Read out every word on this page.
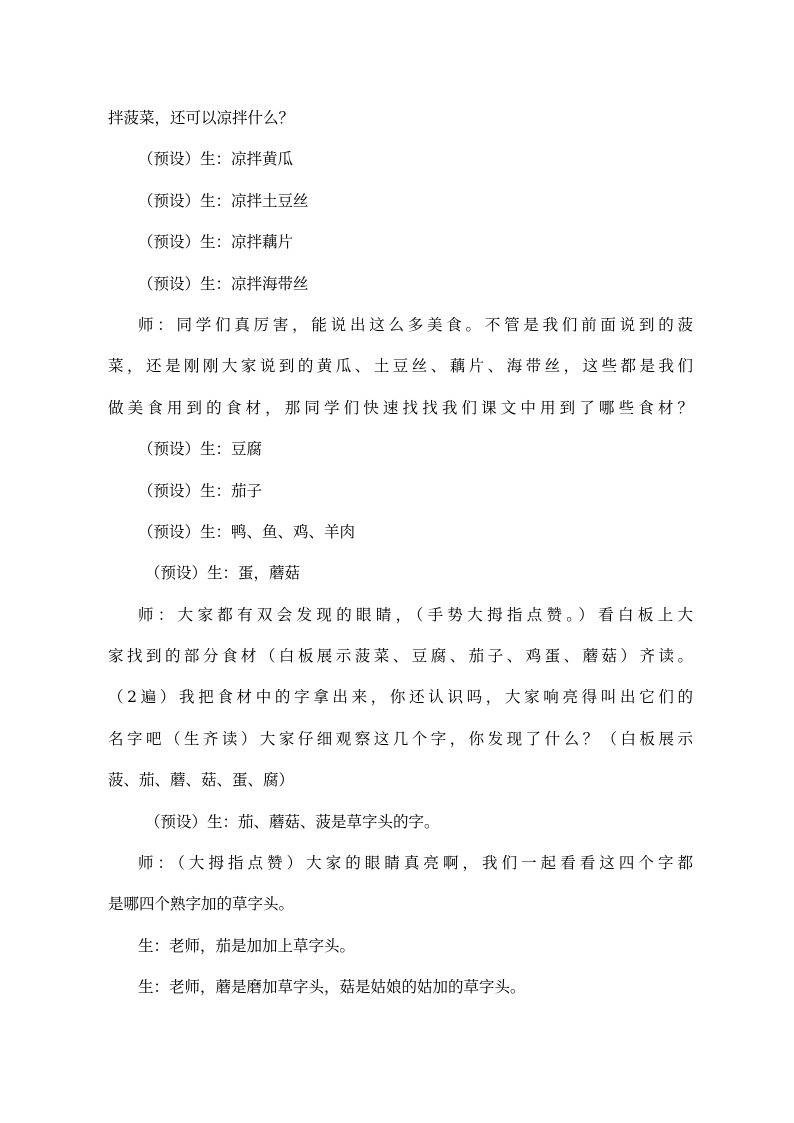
拌菠菜，还可以凉拌什么？
（预设）生：凉拌黄瓜
（预设）生：凉拌土豆丝
（预设）生：凉拌藕片
（预设）生：凉拌海带丝
师：同学们真厉害，能说出这么多美食。不管是我们前面说到的菠
菜，还是刚刚大家说到的黄瓜、土豆丝、藕片、海带丝，这些都是我们
做美食用到的食材，那同学们快速找找我们课文中用到了哪些食材？
（预设）生：豆腐
（预设）生：茄子
（预设）生：鸭、鱼、鸡、羊肉
（预设）生：蛋，蘑菇
师：大家都有双会发现的眼睛，（手势大拇指点赞。）看白板上大
家找到的部分食材（白板展示菠菜、豆腐、茄子、鸡蛋、蘑菇）齐读。
（2遍）我把食材中的字拿出来，你还认识吗，大家响亮得叫出它们的
名字吧（生齐读）大家仔细观察这几个字，你发现了什么？（白板展示
菠、茄、蘑、菇、蛋、腐）
（预设）生：茄、蘑菇、菠是草字头的字。
师：（大拇指点赞）大家的眼睛真亮啊，我们一起看看这四个字都
是哪四个熟字加的草字头。
生：老师，茄是加加上草字头。
生：老师，蘑是磨加草字头，菇是姑娘的姑加的草字头。
